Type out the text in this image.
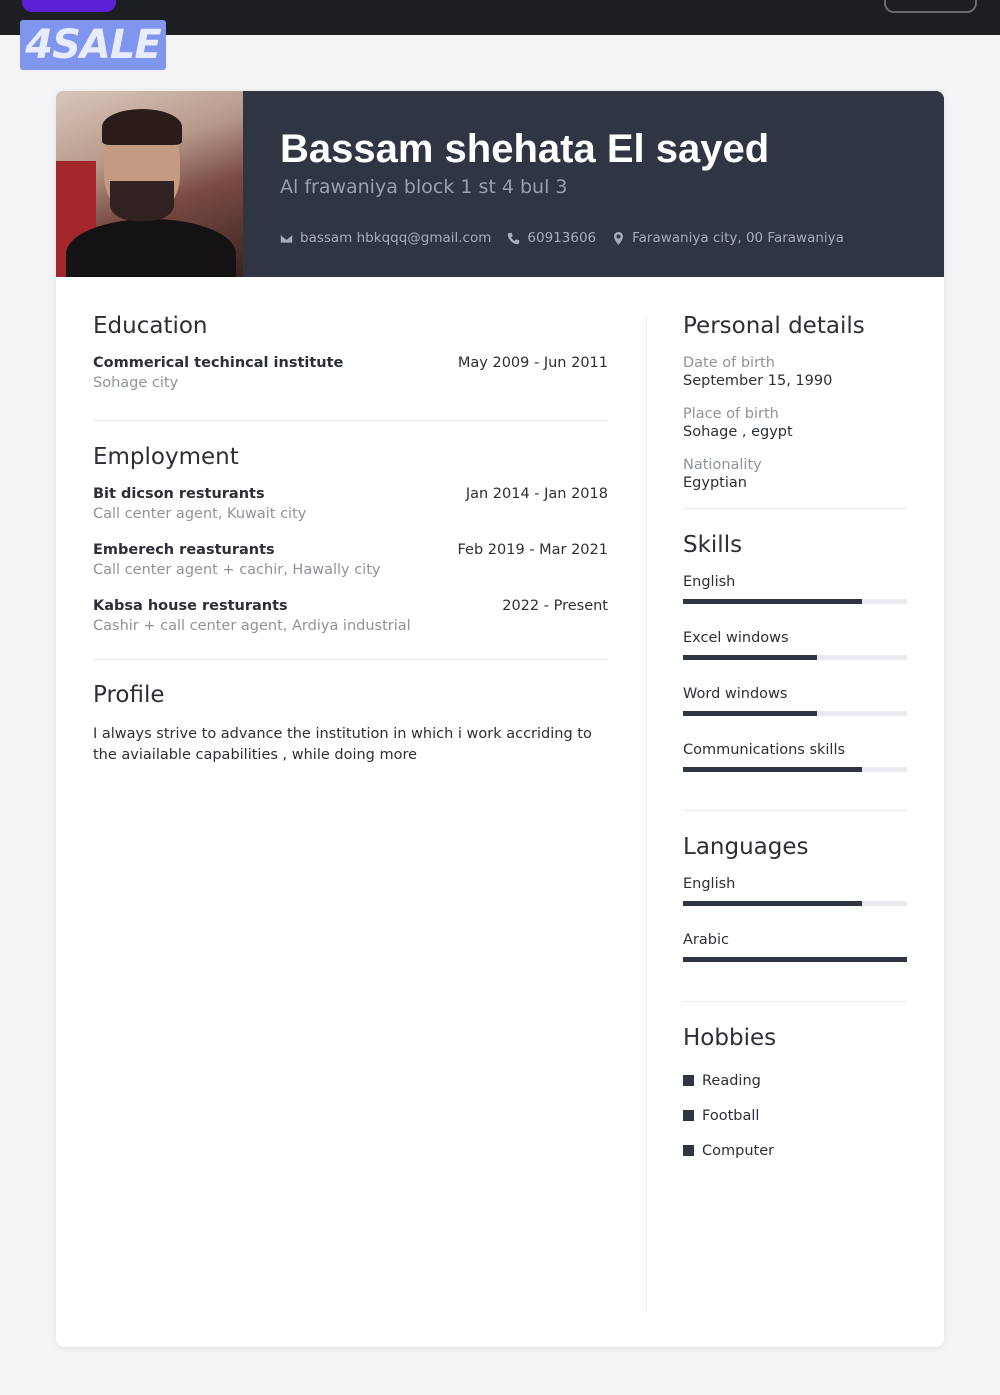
4SALE
Bassam shehata El sayed
Al frawaniya block 1 st 4 bul 3
bassam hbkqqq@gmail.com	60913606	Farawaniya city, 00 Farawaniya
Education
Commerical techincal institute
Sohage city
May 2009 - Jun 2011
Employment
Bit dicson resturants
Call center agent, Kuwait city
Jan 2014 - Jan 2018
Emberech reasturants
Call center agent + cachir, Hawally city
Feb 2019 - Mar 2021
Kabsa house resturants
Cashir + call center agent, Ardiya industrial
2022 - Present
Profile
I always strive to advance the institution in which i work accriding to the aviailable capabilities , while doing more
Personal details
Date of birth
September 15, 1990
Place of birth
Sohage , egypt
Nationality
Egyptian
Skills
English
Excel windows
Word windows
Communications skills
Languages
English
Arabic
Hobbies
Reading
Football
Computer
